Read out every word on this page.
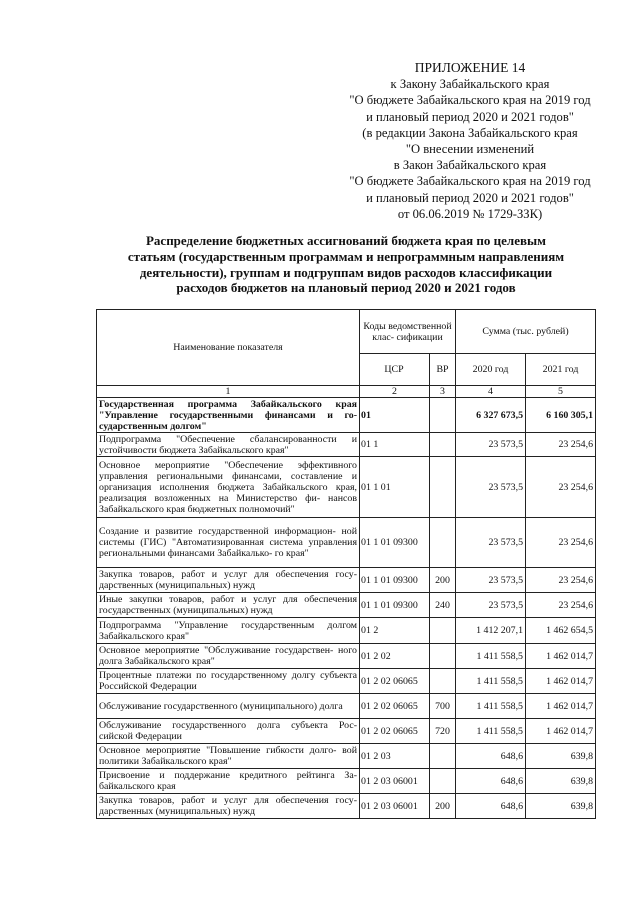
ПРИЛОЖЕНИЕ 14
к Закону Забайкальского края
"О бюджете Забайкальского края на 2019 год
и плановый период 2020 и 2021 годов"
(в редакции Закона Забайкальского края
"О внесении изменений
в Закон Забайкальского края
"О бюджете Забайкальского края на 2019 год
и плановый период 2020 и 2021 годов"
от 06.06.2019 № 1729-ЗЗК)
Распределение бюджетных ассигнований бюджета края по целевым
статьям (государственным программам и непрограммным направлениям
деятельности), группам и подгруппам видов расходов классификации
расходов бюджетов на плановый период 2020 и 2021 годов
Наименование показателя	Коды ведомственной клас- сификации		Сумма (тыс. рублей)	
	ЦСР	ВР	2020 год	2021 год
1	2	3	4	5
Государственная программа Забайкальского края "Управление государственными финансами и го- сударственным долгом"	01		6 327 673,5	6 160 305,1
Подпрограмма "Обеспечение сбалансированности и устойчивости бюджета Забайкальского края"	01 1		23 573,5	23 254,6
Основное мероприятие "Обеспечение эффективного управления региональными финансами, составление и организация исполнения бюджета Забайкальского края, реализация возложенных на Министерство фи- нансов Забайкальского края бюджетных полномочий"	01 1 01		23 573,5	23 254,6
Создание и развитие государственной информацион- ной системы (ГИС) "Автоматизированная система управления региональными финансами Забайкалько- го края"	01 1 01 09300		23 573,5	23 254,6
Закупка товаров, работ и услуг для обеспечения госу- дарственных (муниципальных) нужд	01 1 01 09300	200	23 573,5	23 254,6
Иные закупки товаров, работ и услуг для обеспечения государственных (муниципальных) нужд	01 1 01 09300	240	23 573,5	23 254,6
Подпрограмма "Управление государственным долгом Забайкальского края"	01 2		1 412 207,1	1 462 654,5
Основное мероприятие "Обслуживание государствен- ного долга Забайкальского края"	01 2 02		1 411 558,5	1 462 014,7
Процентные платежи по государственному долгу субъекта Российской Федерации	01 2 02 06065		1 411 558,5	1 462 014,7
Обслуживание государственного (муниципального) долга	01 2 02 06065	700	1 411 558,5	1 462 014,7
Обслуживание государственного долга субъекта Рос- сийской Федерации	01 2 02 06065	720	1 411 558,5	1 462 014,7
Основное мероприятие "Повышение гибкости долго- вой политики Забайкальского края"	01 2 03		648,6	639,8
Присвоение и поддержание кредитного рейтинга За- байкальского края	01 2 03 06001		648,6	639,8
Закупка товаров, работ и услуг для обеспечения госу- дарственных (муниципальных) нужд	01 2 03 06001	200	648,6	639,8
